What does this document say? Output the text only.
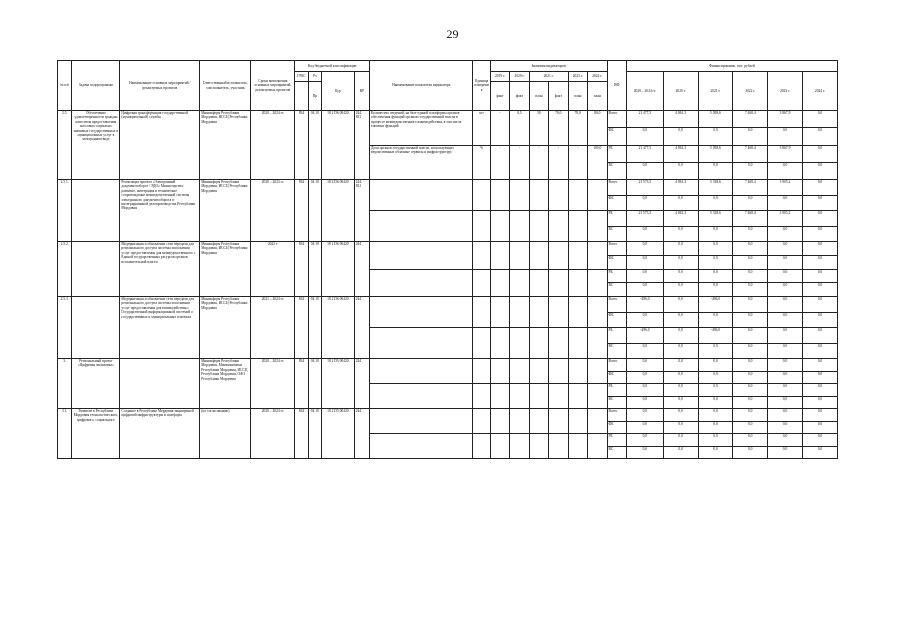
29
№ п/п	Задачи подпрограммы	Наименование основных мероприятий / реализуемых проектов	Ответственный исполнитель, соисполнитель, участник	Сроки выполнения основных мероприятий, реализуемых проектов	Код бюджетной классификации				Наименование показателя индикатора	Единица измерения	Значения индикаторов						ИФ	Финансирование, тыс. рублей					
					ГРБС	Рз	Цср	ВР			2019 г.	2020 г.	2021 г.		2023 г.	2024 г.		2020 – 2024 гг.	2020 г.	2021 г.	2022 г.	2023 г.	2024 г.
						Пр					факт	факт	план	факт	план	план							
2.5.	Обеспечение удовлетворенности граждан качеством предоставления массовых социально значимых государственных и муниципальных услуг в электронном виде	Цифровая трансформация государственной (муниципальной) службы	Мининформ Республики Мордовия, ИССЦ Республики Мордовия	2020 – 2024 гг.	834	04 10	18 2 D6 00420	244, 831	Количество сведений, на базе единой платформы органов обеспечения функций органов государственной власти в процессе межведомственного взаимодействия, в том числе типовых функций	шт	-	0,5	50	70,0	70,0	80,0	Всего	21 477,5	4 861,3	5 058,6	7 468,4	3 867,9	0,0
																	ФБ	0,0	0,0	0,0	0,0	0,0	0,0
									Доля органов государственной власти, использующих ведомственные облачные сервисы и инфраструктуру	%	-	-	-	-	-	100,0	РБ	21 477,5	4 861,3	5 058,6	7 468,4	3 867,9	0,0
																	ВС	0,0	0,0	0,0	0,0	0,0	0,0
2.5.1.		Реализация проекта «Электронный документооборот / ЭДО» Министерства: развитие, интеграция и технические сопровождение межведомственной системы электронного документооборота в интегрированной делопроизводства Республики Мордовия	Мининформ Республики Мордовия, ИССЦ Республики Мордовия	2020 – 2023 гг.	834	04 10	18 2 D6 00420	244, 831									Всего	21 573,5	4 861,3	5 338,6	7 468,4	3 905,2	0,0
																	ФБ	0,0	0,0	0,0	0,0	0,0	0,0
																	РБ	21 573,5	4 861,3	5 338,6	7 468,4	3 905,2	0,0
																	ВС	0,0	0,0	0,0	0,0	0,0	0,0
2.5.2.		Модернизация и обновление сети передачи для регионального доступа системы исполнения услуг предоставления для межведомственного с Единой государственных ресурсов органов исполнительной власти	Мининформ Республики Мордовия, ИССЦ Республики Мордовия	2022 г.	834	04 10	18 2 D6 00420	244									Всего	0,0	0,0	0,0	0,0	0,0	0,0
																	ФБ	0,0	0,0	0,0	0,0	0,0	0,0
																	РБ	0,0	0,0	0,0	0,0	0,0	0,0
																	ВС	0,0	0,0	0,0	0,0	0,0	0,0
2.5.3.		Модернизация и обновление сети передачи для регионального доступа системы исполнения услуг предоставления для взаимодействия с Государственной информационной системой о государственных и муниципальных платежах	Мининформ Республики Мордовия, ИССЦ Республики Мордовия	2021 – 2024 гг.	834	04 10	18 2 D6 00420	244									Всего	-496,0	0,0	-496,0	0,0	0,0	0,0
																	ФБ	0,0	0,0	0,0	0,0	0,0	0,0
																	РБ	-496,0	0,0	-496,0	0,0	0,0	0,0
																	ВС	0,0	0,0	0,0	0,0	0,0	0,0
3.	Региональный проект «Цифровая экономика»		Мининформ Республики Мордовия, Минэкономики Республики Мордовия, ИССЦ Республики Мордовия, ОАО Республики Мордовия	2020 – 2024 гг.	834	04 10	18 2 D5 00420	244									Всего	0,0	0,0	0,0	0,0	0,0	0,0
																	ФБ	0,0	0,0	0,0	0,0	0,0	0,0
																	РБ	0,0	0,0	0,0	0,0	0,0	0,0
																	ВС	0,0	0,0	0,0	0,0	0,0	0,0
3.1.	Развитие в Республике Мордовия технологического, цифрового, социального	Создание в Республике Мордовия защищенной цифровой инфраструктуры и платформ	(по согласованию)	2020 – 2024 гг.	834	04 10	18 2 D5 00420	244									Всего	0,0	0,0	0,0	0,0	0,0	0,0
																	ФБ	0,0	0,0	0,0	0,0	0,0	0,0
																	РБ	0,0	0,0	0,0	0,0	0,0	0,0
																	ВС	0,0	0,0	0,0	0,0	0,0	0,0
